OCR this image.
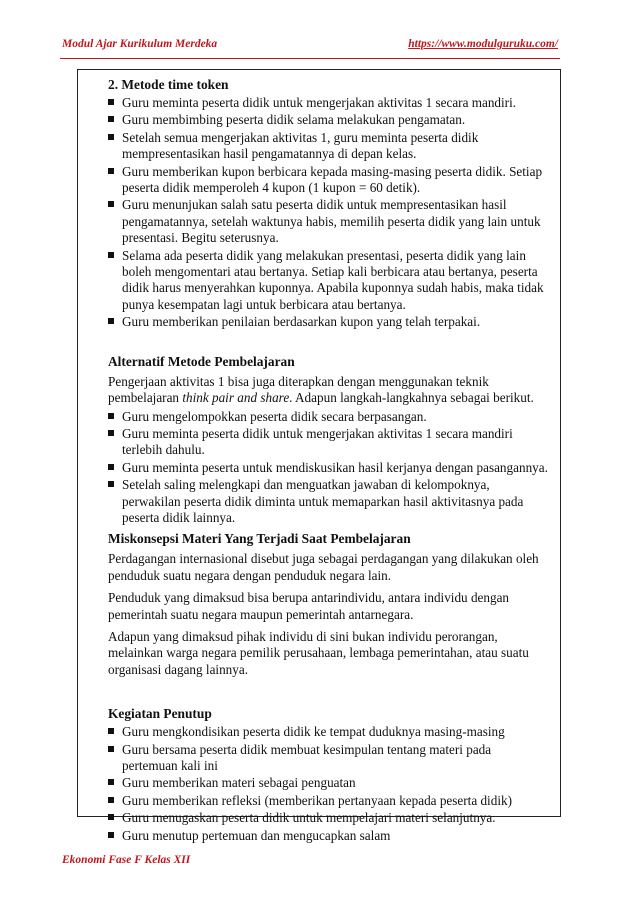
Modul Ajar Kurikulum Merdeka	https://www.modulguruku.com/
2. Metode time token
Guru meminta peserta didik untuk mengerjakan aktivitas 1 secara mandiri.
Guru membimbing peserta didik selama melakukan pengamatan.
Setelah semua mengerjakan aktivitas 1, guru meminta peserta didik mempresentasikan hasil pengamatannya di depan kelas.
Guru memberikan kupon berbicara kepada masing-masing peserta didik. Setiap peserta didik memperoleh 4 kupon (1 kupon = 60 detik).
Guru menunjukan salah satu peserta didik untuk mempresentasikan hasil pengamatannya, setelah waktunya habis, memilih peserta didik yang lain untuk presentasi. Begitu seterusnya.
Selama ada peserta didik yang melakukan presentasi, peserta didik yang lain boleh mengomentari atau bertanya. Setiap kali berbicara atau bertanya, peserta didik harus menyerahkan kuponnya. Apabila kuponnya sudah habis, maka tidak punya kesempatan lagi untuk berbicara atau bertanya.
Guru memberikan penilaian berdasarkan kupon yang telah terpakai.
Alternatif Metode Pembelajaran

Pengerjaan aktivitas 1 bisa juga diterapkan dengan menggunakan teknik pembelajaran think pair and share. Adapun langkah-langkahnya sebagai berikut.

Guru mengelompokkan peserta didik secara berpasangan.
Guru meminta peserta didik untuk mengerjakan aktivitas 1 secara mandiri terlebih dahulu.
Guru meminta peserta untuk mendiskusikan hasil kerjanya dengan pasangannya.
Setelah saling melengkapi dan menguatkan jawaban di kelompoknya, perwakilan peserta didik diminta untuk memaparkan hasil aktivitasnya pada peserta didik lainnya.
Miskonsepsi Materi Yang Terjadi Saat Pembelajaran

Perdagangan internasional disebut juga sebagai perdagangan yang dilakukan oleh penduduk suatu negara dengan penduduk negara lain.

Penduduk yang dimaksud bisa berupa antarindividu, antara individu dengan pemerintah suatu negara maupun pemerintah antarnegara.

Adapun yang dimaksud pihak individu di sini bukan individu perorangan, melainkan warga negara pemilik perusahaan, lembaga pemerintahan, atau suatu organisasi dagang lainnya.

Kegiatan Penutup
Guru mengkondisikan peserta didik ke tempat duduknya masing-masing
Guru bersama peserta didik membuat kesimpulan tentang materi pada pertemuan kali ini
Guru memberikan materi sebagai penguatan
Guru memberikan refleksi (memberikan pertanyaan kepada peserta didik)
Guru menugaskan peserta didik untuk mempelajari materi selanjutnya.
Guru menutup pertemuan dan mengucapkan salam
Ekonomi Fase F Kelas XII
